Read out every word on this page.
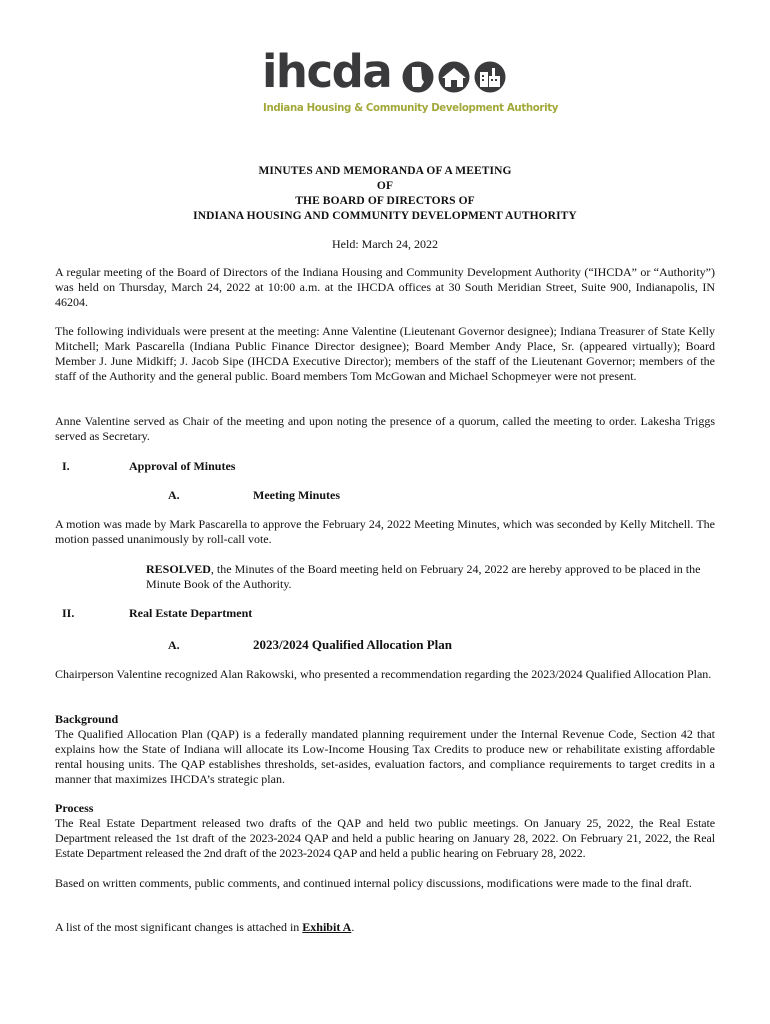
ihcda
Indiana Housing & Community Development Authority
MINUTES AND MEMORANDA OF A MEETING
OF
THE BOARD OF DIRECTORS OF
INDIANA HOUSING AND COMMUNITY DEVELOPMENT AUTHORITY
Held: March 24, 2022
A regular meeting of the Board of Directors of the Indiana Housing and Community Development Authority (“IHCDA” or “Authority”) was held on Thursday, March 24, 2022 at 10:00 a.m. at the IHCDA offices at 30 South Meridian Street, Suite 900, Indianapolis, IN 46204.
The following individuals were present at the meeting: Anne Valentine (Lieutenant Governor designee); Indiana Treasurer of State Kelly Mitchell; Mark Pascarella (Indiana Public Finance Director designee); Board Member Andy Place, Sr. (appeared virtually); Board Member J. June Midkiff; J. Jacob Sipe (IHCDA Executive Director); members of the staff of the Lieutenant Governor; members of the staff of the Authority and the general public. Board members Tom McGowan and Michael Schopmeyer were not present.
Anne Valentine served as Chair of the meeting and upon noting the presence of a quorum, called the meeting to order. Lakesha Triggs served as Secretary.
I.	Approval of Minutes
A.	Meeting Minutes
A motion was made by Mark Pascarella to approve the February 24, 2022 Meeting Minutes, which was seconded by Kelly Mitchell. The motion passed unanimously by roll-call vote.
RESOLVED, the Minutes of the Board meeting held on February 24, 2022 are hereby approved to be placed in the Minute Book of the Authority.
II.	Real Estate Department
A.	2023/2024 Qualified Allocation Plan
Chairperson Valentine recognized Alan Rakowski, who presented a recommendation regarding the 2023/2024 Qualified Allocation Plan.
Background
The Qualified Allocation Plan (QAP) is a federally mandated planning requirement under the Internal Revenue Code, Section 42 that explains how the State of Indiana will allocate its Low-Income Housing Tax Credits to produce new or rehabilitate existing affordable rental housing units. The QAP establishes thresholds, set-asides, evaluation factors, and compliance requirements to target credits in a manner that maximizes IHCDA’s strategic plan.
Process
The Real Estate Department released two drafts of the QAP and held two public meetings. On January 25, 2022, the Real Estate Department released the 1st draft of the 2023-2024 QAP and held a public hearing on January 28, 2022. On February 21, 2022, the Real Estate Department released the 2nd draft of the 2023-2024 QAP and held a public hearing on February 28, 2022.
Based on written comments, public comments, and continued internal policy discussions, modifications were made to the final draft.
A list of the most significant changes is attached in Exhibit A.
